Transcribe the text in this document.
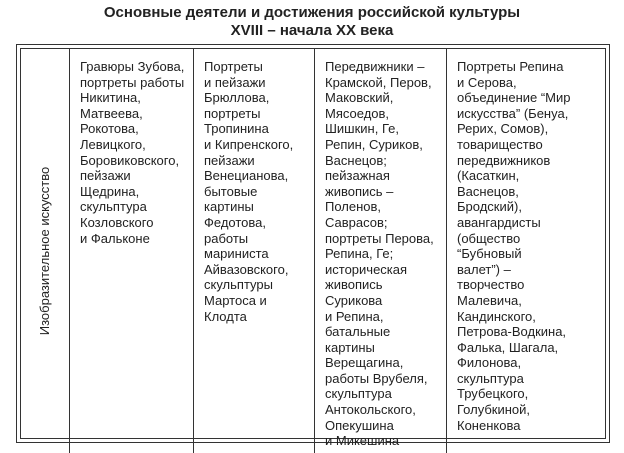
Основные деятели и достижения российской культуры
XVIII – начала XX века

Изобразительное искусство

Гравюры Зубова,
портреты работы
Никитина,
Матвеева,
Рокотова,
Левицкого,
Боровиковского,
пейзажи Щедрина,
скульптура
Козловского
и Фальконе
Портреты
и пейзажи
Брюллова,
портреты
Тропинина
и Кипренского,
пейзажи
Венецианова,
бытовые картины
Федотова, работы
мариниста
Айвазовского,
скульптуры
Мартоса и Клодта
Передвижники –
Крамской, Перов,
Маковский,
Мясоедов,
Шишкин, Ге,
Репин, Суриков,
Васнецов;
пейзажная
живопись –
Поленов,
Саврасов;
портреты Перова,
Репина, Ге;
историческая
живопись
Сурикова
и Репина,
батальные
картины
Верещагина,
работы Врубеля,
скульптура
Антокольского,
Опекушина
и Микешина
Портреты Репина
и Серова,
объединение “Мир
искусства” (Бенуа,
Рерих, Сомов),
товарищество
передвижников
(Касаткин,
Васнецов,
Бродский),
авангардисты
(общество
“Бубновый
валет”) –
творчество
Малевича,
Кандинского,
Петрова-Водкина,
Фалька, Шагала,
Филонова,
скульптура
Трубецкого,
Голубкиной,
Коненкова
